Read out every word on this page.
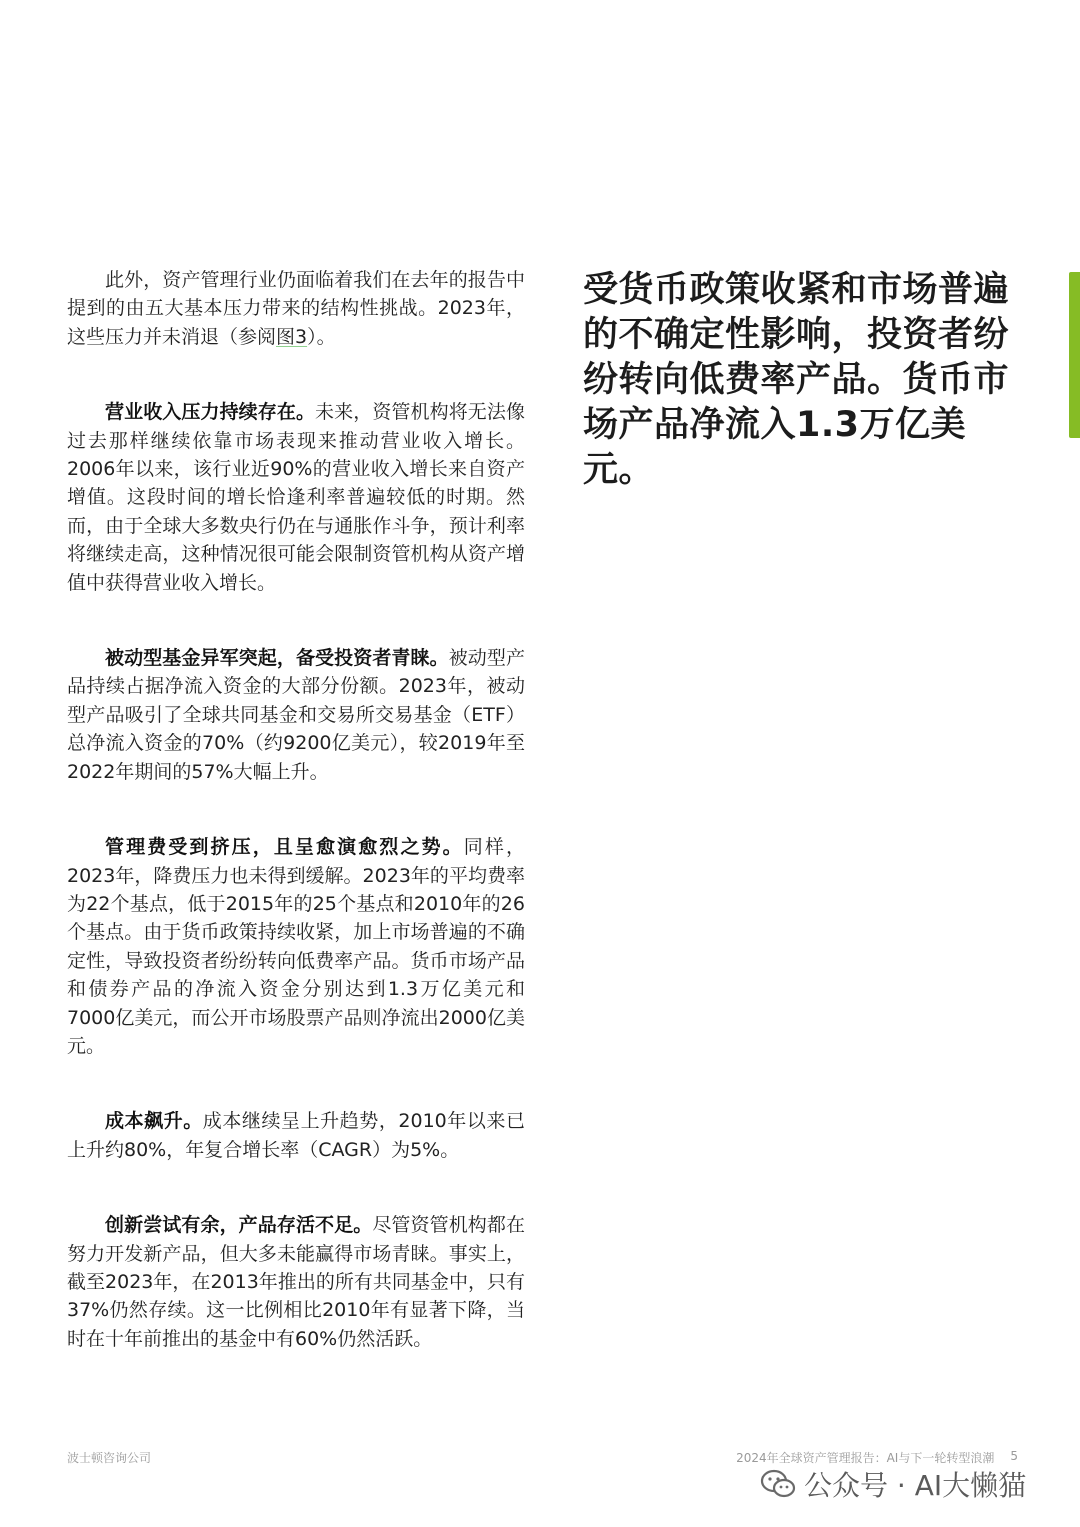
此外，资产管理行业仍面临着我们在去年的报告中提到的由五大基本压力带来的结构性挑战。2023年，这些压力并未消退（参阅图3）。

营业收入压力持续存在。未来，资管机构将无法像过去那样继续依靠市场表现来推动营业收入增长。2006年以来，该行业近90%的营业收入增长来自资产增值。这段时间的增长恰逢利率普遍较低的时期。然而，由于全球大多数央行仍在与通胀作斗争，预计利率将继续走高，这种情况很可能会限制资管机构从资产增值中获得营业收入增长。

被动型基金异军突起，备受投资者青睐。被动型产品持续占据净流入资金的大部分份额。2023年，被动型产品吸引了全球共同基金和交易所交易基金（ETF）总净流入资金的70%（约9200亿美元），较2019年至2022年期间的57%大幅上升。

管理费受到挤压，且呈愈演愈烈之势。同样，2023年，降费压力也未得到缓解。2023年的平均费率为22个基点，低于2015年的25个基点和2010年的26个基点。由于货币政策持续收紧，加上市场普遍的不确定性，导致投资者纷纷转向低费率产品。货币市场产品和债券产品的净流入资金分别达到1.3万亿美元和7000亿美元，而公开市场股票产品则净流出2000亿美元。

成本飙升。成本继续呈上升趋势，2010年以来已上升约80%，年复合增长率（CAGR）为5%。

创新尝试有余，产品存活不足。尽管资管机构都在努力开发新产品，但大多未能赢得市场青睐。事实上，截至2023年，在2013年推出的所有共同基金中，只有37%仍然存续。这一比例相比2010年有显著下降，当时在十年前推出的基金中有60%仍然活跃。

受货币政策收紧和市场普遍的不确定性影响，投资者纷纷转向低费率产品。货币市场产品净流入1.3万亿美元。
波士顿咨询公司	2024年全球资产管理报告：AI与下一轮转型浪潮 5
公众号 · AI大懒猫
